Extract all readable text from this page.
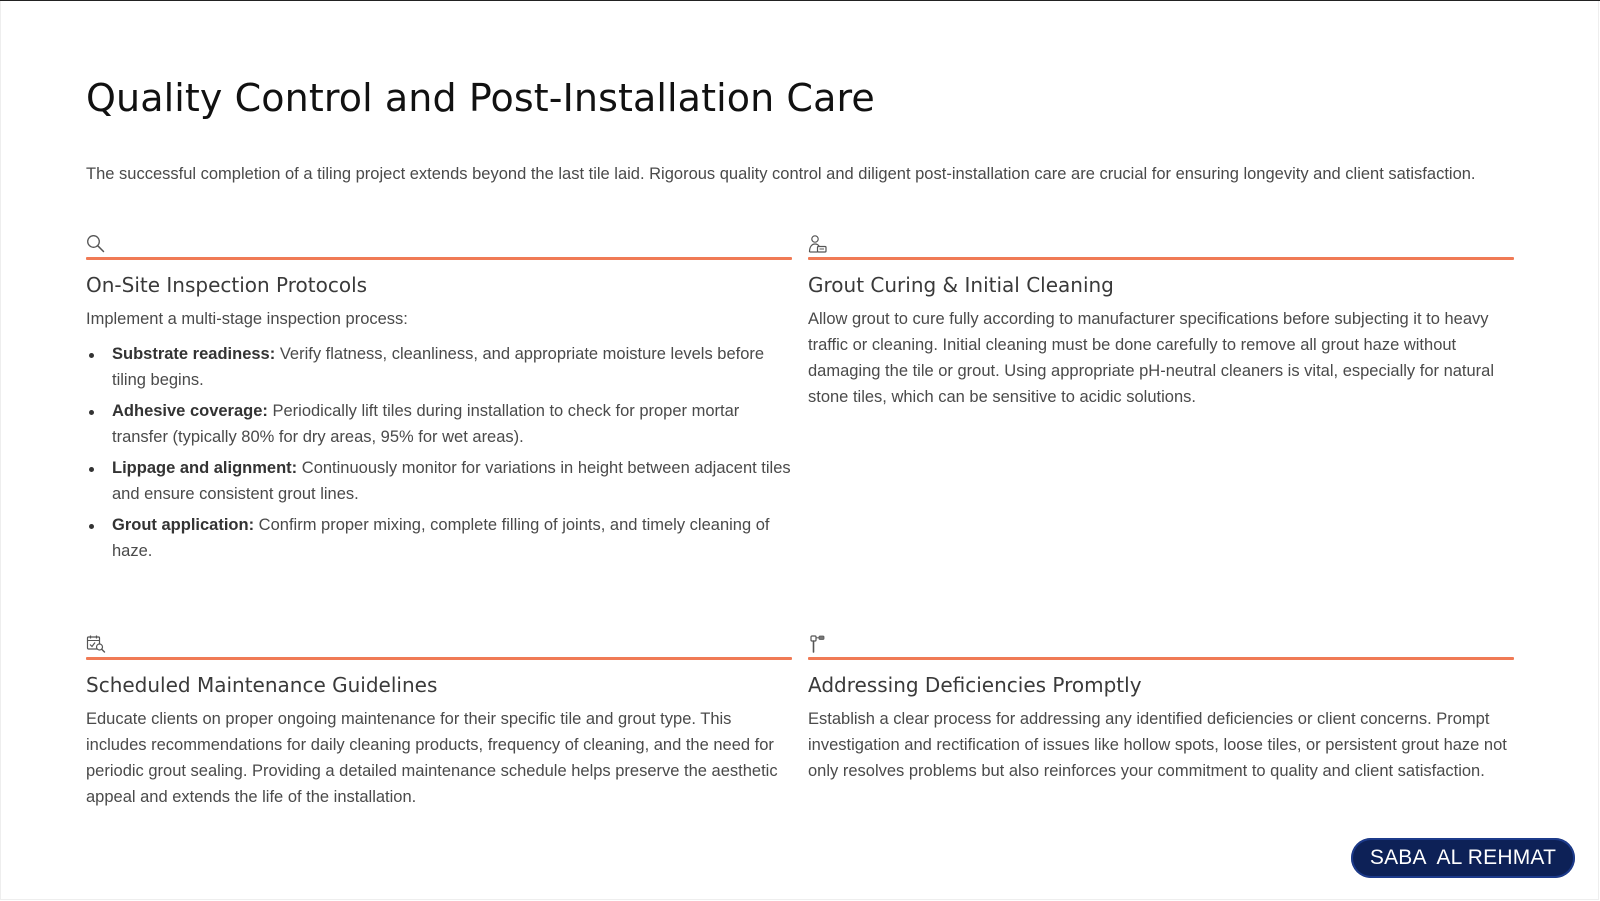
Quality Control and Post-Installation Care

The successful completion of a tiling project extends beyond the last tile laid. Rigorous quality control and diligent post-installation care are crucial for ensuring longevity and client satisfaction.

On-Site Inspection Protocols

Implement a multi-stage inspection process:

Substrate readiness: Verify flatness, cleanliness, and appropriate moisture levels before tiling begins.
Adhesive coverage: Periodically lift tiles during installation to check for proper mortar transfer (typically 80% for dry areas, 95% for wet areas).
Lippage and alignment: Continuously monitor for variations in height between adjacent tiles and ensure consistent grout lines.
Grout application: Confirm proper mixing, complete filling of joints, and timely cleaning of haze.
Grout Curing & Initial Cleaning

Allow grout to cure fully according to manufacturer specifications before subjecting it to heavy traffic or cleaning. Initial cleaning must be done carefully to remove all grout haze without damaging the tile or grout. Using appropriate pH-neutral cleaners is vital, especially for natural stone tiles, which can be sensitive to acidic solutions.

Scheduled Maintenance Guidelines

Educate clients on proper ongoing maintenance for their specific tile and grout type. This includes recommendations for daily cleaning products, frequency of cleaning, and the need for periodic grout sealing. Providing a detailed maintenance schedule helps preserve the aesthetic appeal and extends the life of the installation.

Addressing Deficiencies Promptly

Establish a clear process for addressing any identified deficiencies or client concerns. Prompt investigation and rectification of issues like hollow spots, loose tiles, or persistent grout haze not only resolves problems but also reinforces your commitment to quality and client satisfaction.

SABA  AL REHMAT
